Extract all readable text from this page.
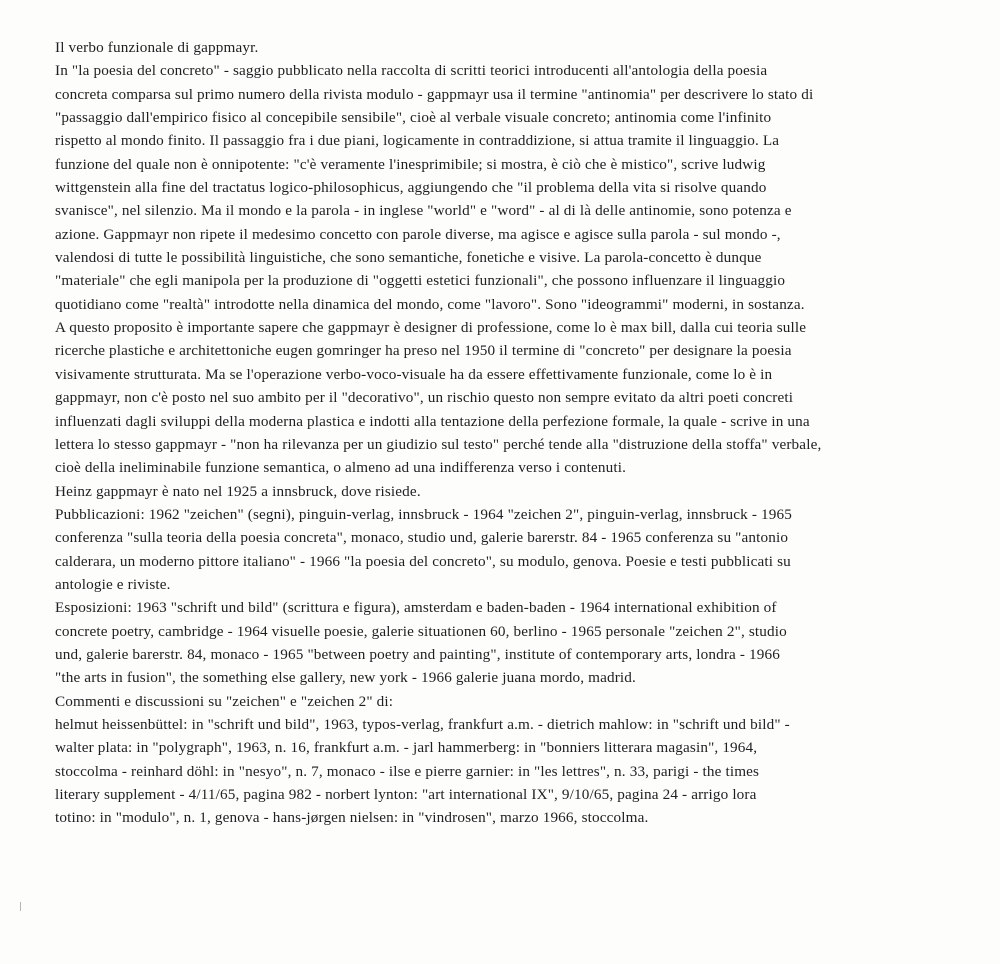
Il verbo funzionale di gappmayr.
In "la poesia del concreto" - saggio pubblicato nella raccolta di scritti teorici introducenti all'antologia della poesia
concreta comparsa sul primo numero della rivista modulo - gappmayr usa il termine "antinomia" per descrivere lo stato di
"passaggio dall'empirico fisico al concepibile sensibile", cioè al verbale visuale concreto; antinomia come l'infinito
rispetto al mondo finito. Il passaggio fra i due piani, logicamente in contraddizione, si attua tramite il linguaggio. La
funzione del quale non è onnipotente: "c'è veramente l'inesprimibile; si mostra, è ciò che è mistico", scrive ludwig
wittgenstein alla fine del tractatus logico-philosophicus, aggiungendo che "il problema della vita si risolve quando
svanisce", nel silenzio. Ma il mondo e la parola - in inglese "world" e "word" - al di là delle antinomie, sono potenza e
azione. Gappmayr non ripete il medesimo concetto con parole diverse, ma agisce e agisce sulla parola - sul mondo -,
valendosi di tutte le possibilità linguistiche, che sono semantiche, fonetiche e visive. La parola-concetto è dunque
"materiale" che egli manipola per la produzione di "oggetti estetici funzionali", che possono influenzare il linguaggio
quotidiano come "realtà" introdotte nella dinamica del mondo, come "lavoro". Sono "ideogrammi" moderni, in sostanza.
A questo proposito è importante sapere che gappmayr è designer di professione, come lo è max bill, dalla cui teoria sulle
ricerche plastiche e architettoniche eugen gomringer ha preso nel 1950 il termine di "concreto" per designare la poesia
visivamente strutturata. Ma se l'operazione verbo-voco-visuale ha da essere effettivamente funzionale, come lo è in
gappmayr, non c'è posto nel suo ambito per il "decorativo", un rischio questo non sempre evitato da altri poeti concreti
influenzati dagli sviluppi della moderna plastica e indotti alla tentazione della perfezione formale, la quale - scrive in una
lettera lo stesso gappmayr - "non ha rilevanza per un giudizio sul testo" perché tende alla "distruzione della stoffa" verbale,
cioè della ineliminabile funzione semantica, o almeno ad una indifferenza verso i contenuti.
Heinz gappmayr è nato nel 1925 a innsbruck, dove risiede.
Pubblicazioni: 1962 "zeichen" (segni), pinguin-verlag, innsbruck - 1964 "zeichen 2", pinguin-verlag, innsbruck - 1965
conferenza "sulla teoria della poesia concreta", monaco, studio und, galerie barerstr. 84 - 1965 conferenza su "antonio
calderara, un moderno pittore italiano" - 1966 "la poesia del concreto", su modulo, genova. Poesie e testi pubblicati su
antologie e riviste.
Esposizioni: 1963 "schrift und bild" (scrittura e figura), amsterdam e baden-baden - 1964 international exhibition of
concrete poetry, cambridge - 1964 visuelle poesie, galerie situationen 60, berlino - 1965 personale "zeichen 2", studio
und, galerie barerstr. 84, monaco - 1965 "between poetry and painting", institute of contemporary arts, londra - 1966
"the arts in fusion", the something else gallery, new york - 1966 galerie juana mordo, madrid.
Commenti e discussioni su "zeichen" e "zeichen 2" di:
helmut heissenbüttel: in "schrift und bild", 1963, typos-verlag, frankfurt a.m. - dietrich mahlow: in "schrift und bild" -
walter plata: in "polygraph", 1963, n. 16, frankfurt a.m. - jarl hammerberg: in "bonniers litterara magasin", 1964,
stoccolma - reinhard döhl: in "nesyo", n. 7, monaco - ilse e pierre garnier: in "les lettres", n. 33, parigi - the times
literary supplement - 4/11/65, pagina 982 - norbert lynton: "art international IX", 9/10/65, pagina 24 - arrigo lora
totino: in "modulo", n. 1, genova - hans-jørgen nielsen: in "vindrosen", marzo 1966, stoccolma.
